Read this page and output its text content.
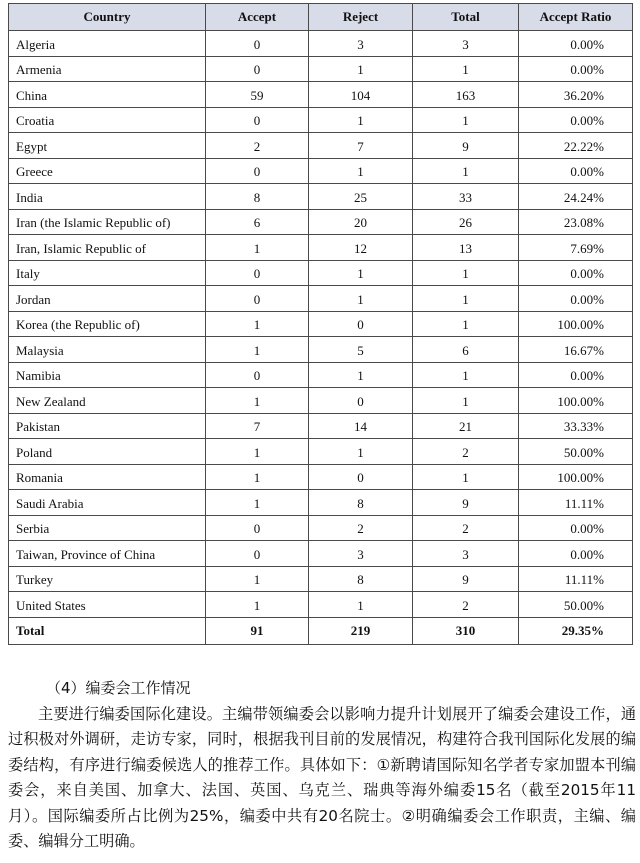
Country	Accept	Reject	Total	Accept Ratio
Algeria	0	3	3	0.00%
Armenia	0	1	1	0.00%
China	59	104	163	36.20%
Croatia	0	1	1	0.00%
Egypt	2	7	9	22.22%
Greece	0	1	1	0.00%
India	8	25	33	24.24%
Iran (the Islamic Republic of)	6	20	26	23.08%
Iran, Islamic Republic of	1	12	13	7.69%
Italy	0	1	1	0.00%
Jordan	0	1	1	0.00%
Korea (the Republic of)	1	0	1	100.00%
Malaysia	1	5	6	16.67%
Namibia	0	1	1	0.00%
New Zealand	1	0	1	100.00%
Pakistan	7	14	21	33.33%
Poland	1	1	2	50.00%
Romania	1	0	1	100.00%
Saudi Arabia	1	8	9	11.11%
Serbia	0	2	2	0.00%
Taiwan, Province of China	0	3	3	0.00%
Turkey	1	8	9	11.11%
United States	1	1	2	50.00%
Total	91	219	310	29.35%

（4）编委会工作情况

主要进行编委国际化建设。主编带领编委会以影响力提升计划展开了编委会建设工作，通过积极对外调研，走访专家，同时，根据我刊目前的发展情况，构建符合我刊国际化发展的编委结构，有序进行编委候选人的推荐工作。具体如下：①新聘请国际知名学者专家加盟本刊编委会，来自美国、加拿大、法国、英国、乌克兰、瑞典等海外编委15名（截至2015年11月）。国际编委所占比例为25%，编委中共有20名院士。②明确编委会工作职责，主编、编委、编辑分工明确。
